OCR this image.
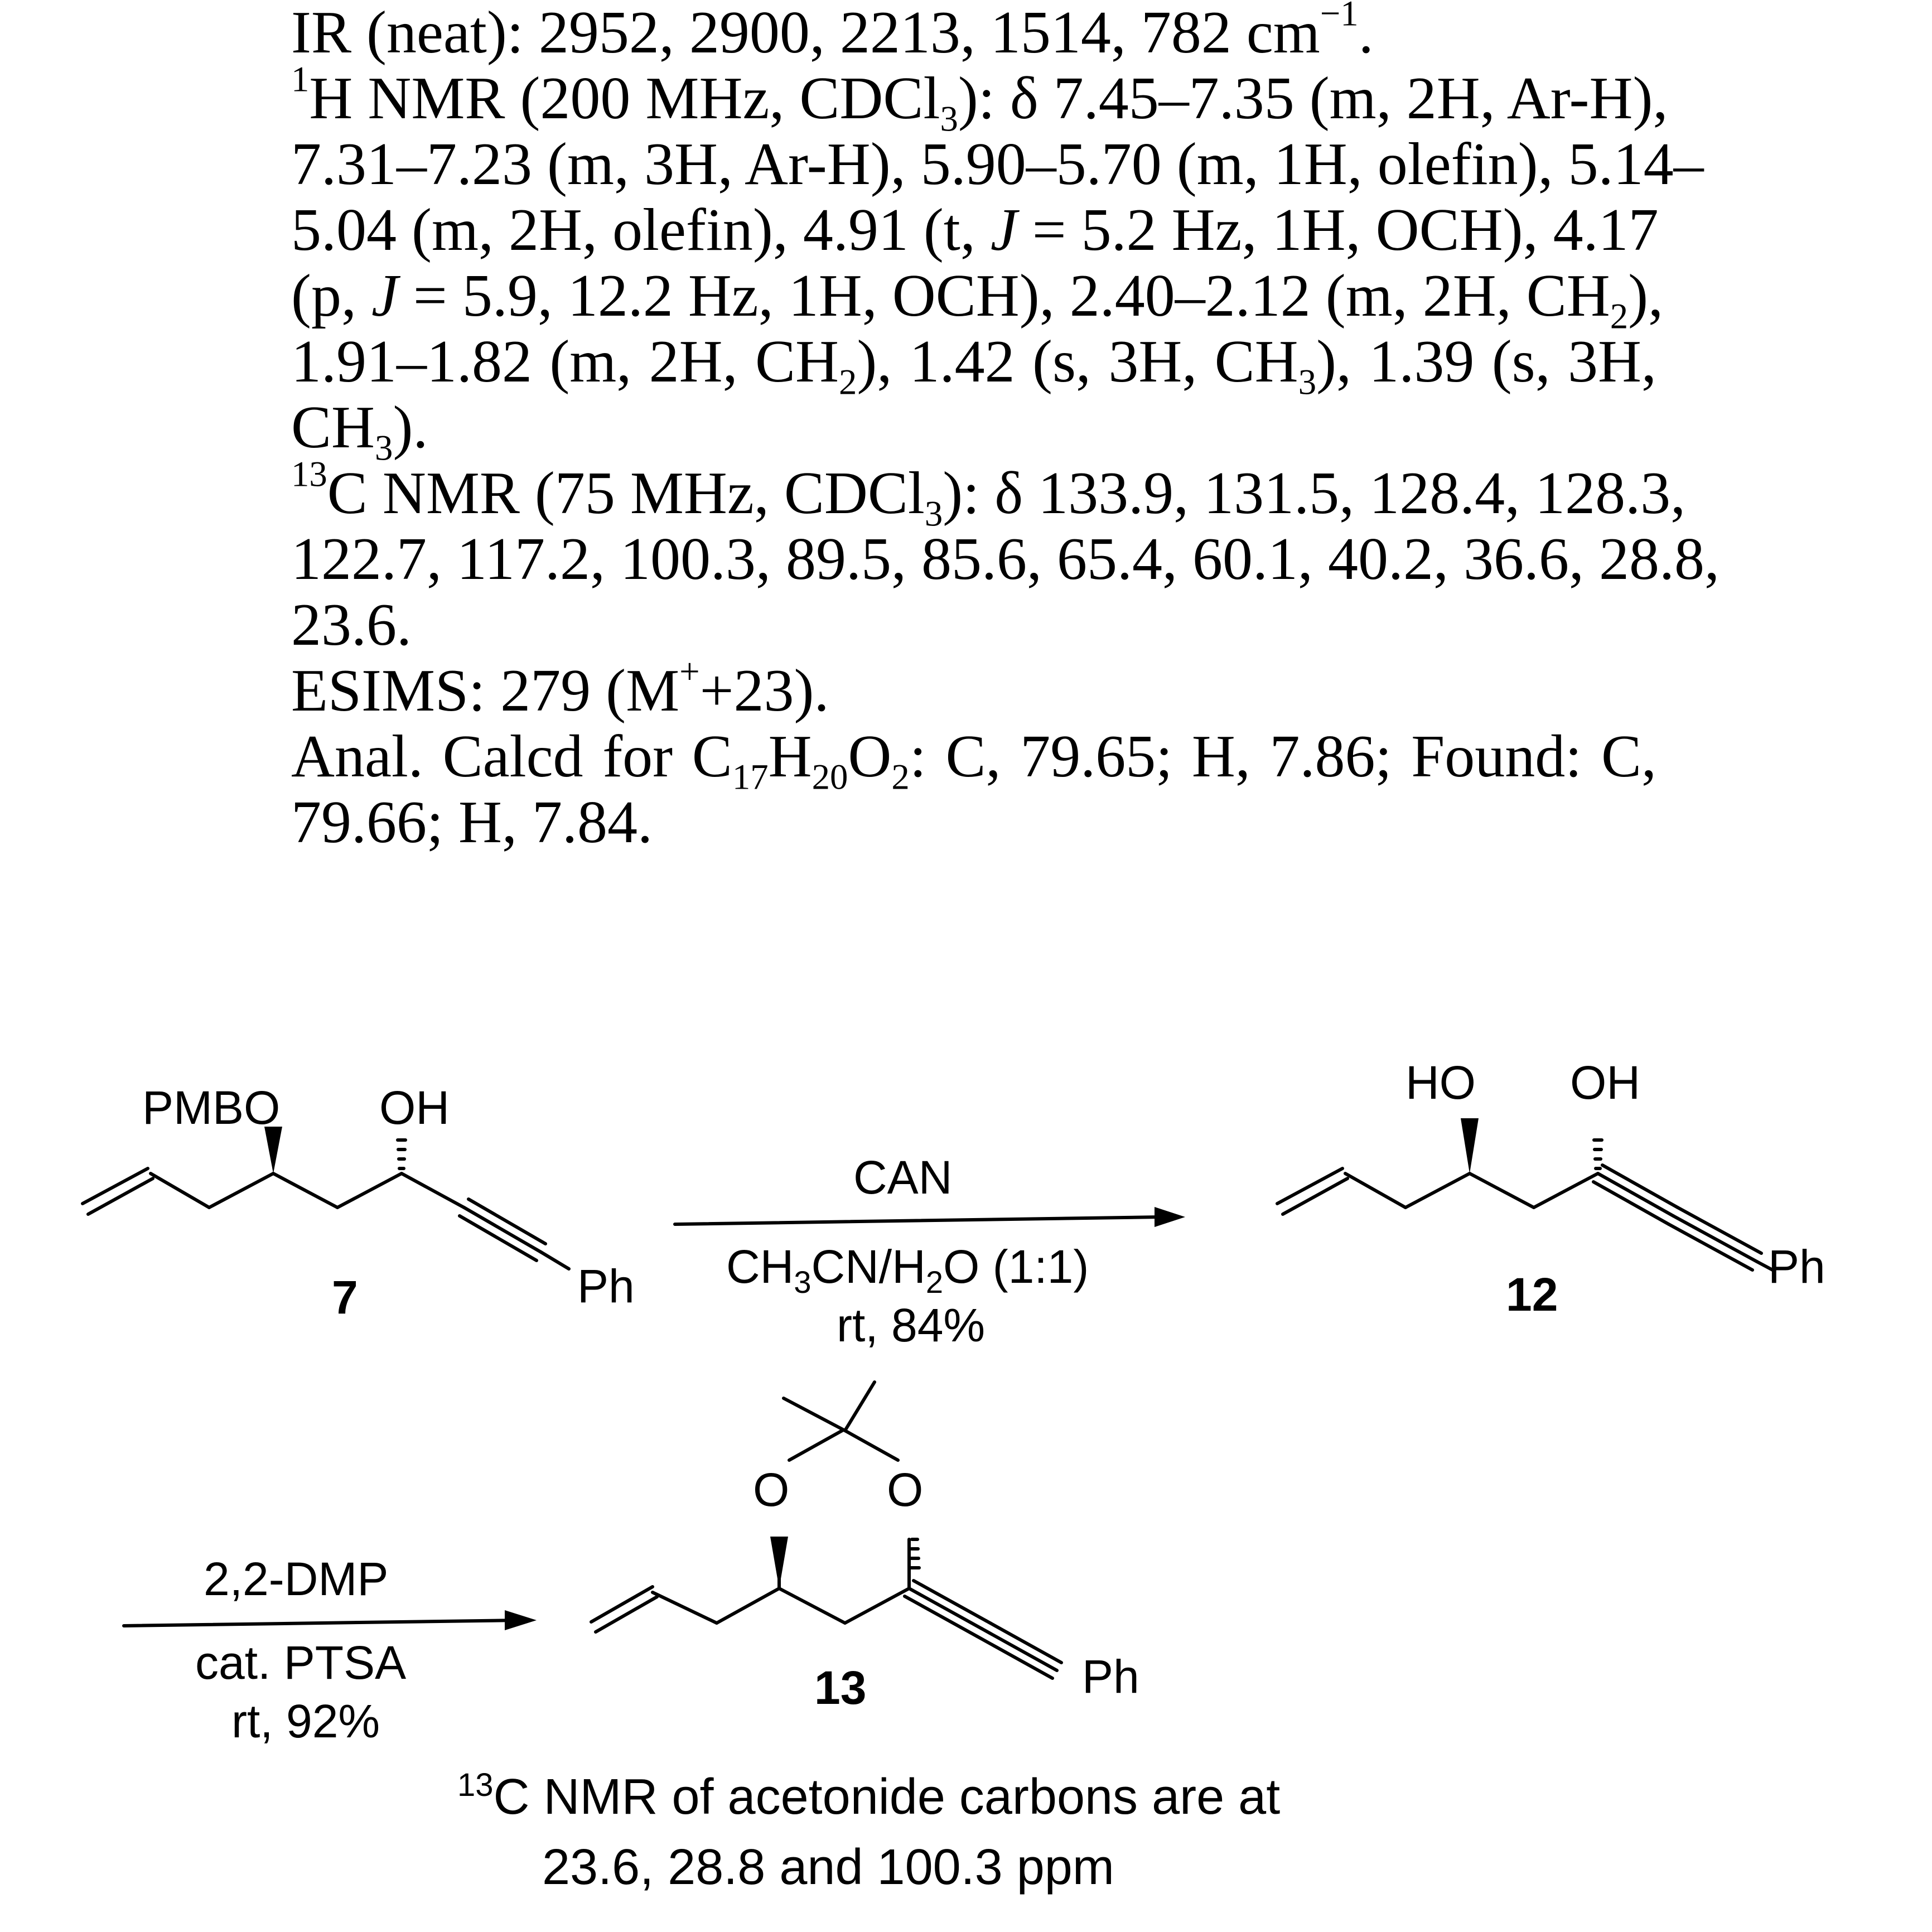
IR (neat): 2952, 2900, 2213, 1514, 782 $cm^{-1}$.

$^1$H NMR (200 MHz, CDCl$_3$): δ 7.45–7.35 (m, 2H, Ar-H),
7.31–7.23 (m, 3H, Ar-H), 5.90–5.70 (m, 1H, olefin), 5.14–
5.04 (m, 2H, olefin), 4.91 (t, J = 5.2 Hz, 1H, OCH), 4.17
(p, J = 5.9, 12.2 Hz, 1H, OCH), 2.40–2.12 (m, 2H, $CH_2$),
1.91–1.82 (m, 2H, $CH_2$), 1.42 (s, 3H, $CH_3$), 1.39 (s, 3H,
$CH_3$).

$^{13}$C NMR (75 MHz, CDCl$_3$): δ 133.9, 131.5, 128.4, 128.3,
122.7, 117.2, 100.3, 89.5, 85.6, 65.4, 60.1, 40.2, 36.6, 28.8,
23.6.

ESIMS: 279 (M++23).

Anal. Calcd for $C_{17}H_{20}O_2$: C, 79.65; H, 7.86; Found: C,
79.66; H, 7.84.

PMBO OH
Ph
7
CAN
$CH_3CN/H_2O$ (1:1)
rt, 84%
HO OH
Ph
12
2,2-DMP
cat. PTSA
rt, 92%
O O
Ph
13
$^{13}$C NMR of acetonide carbons are at
23.6, 28.8 and 100.3 ppm
